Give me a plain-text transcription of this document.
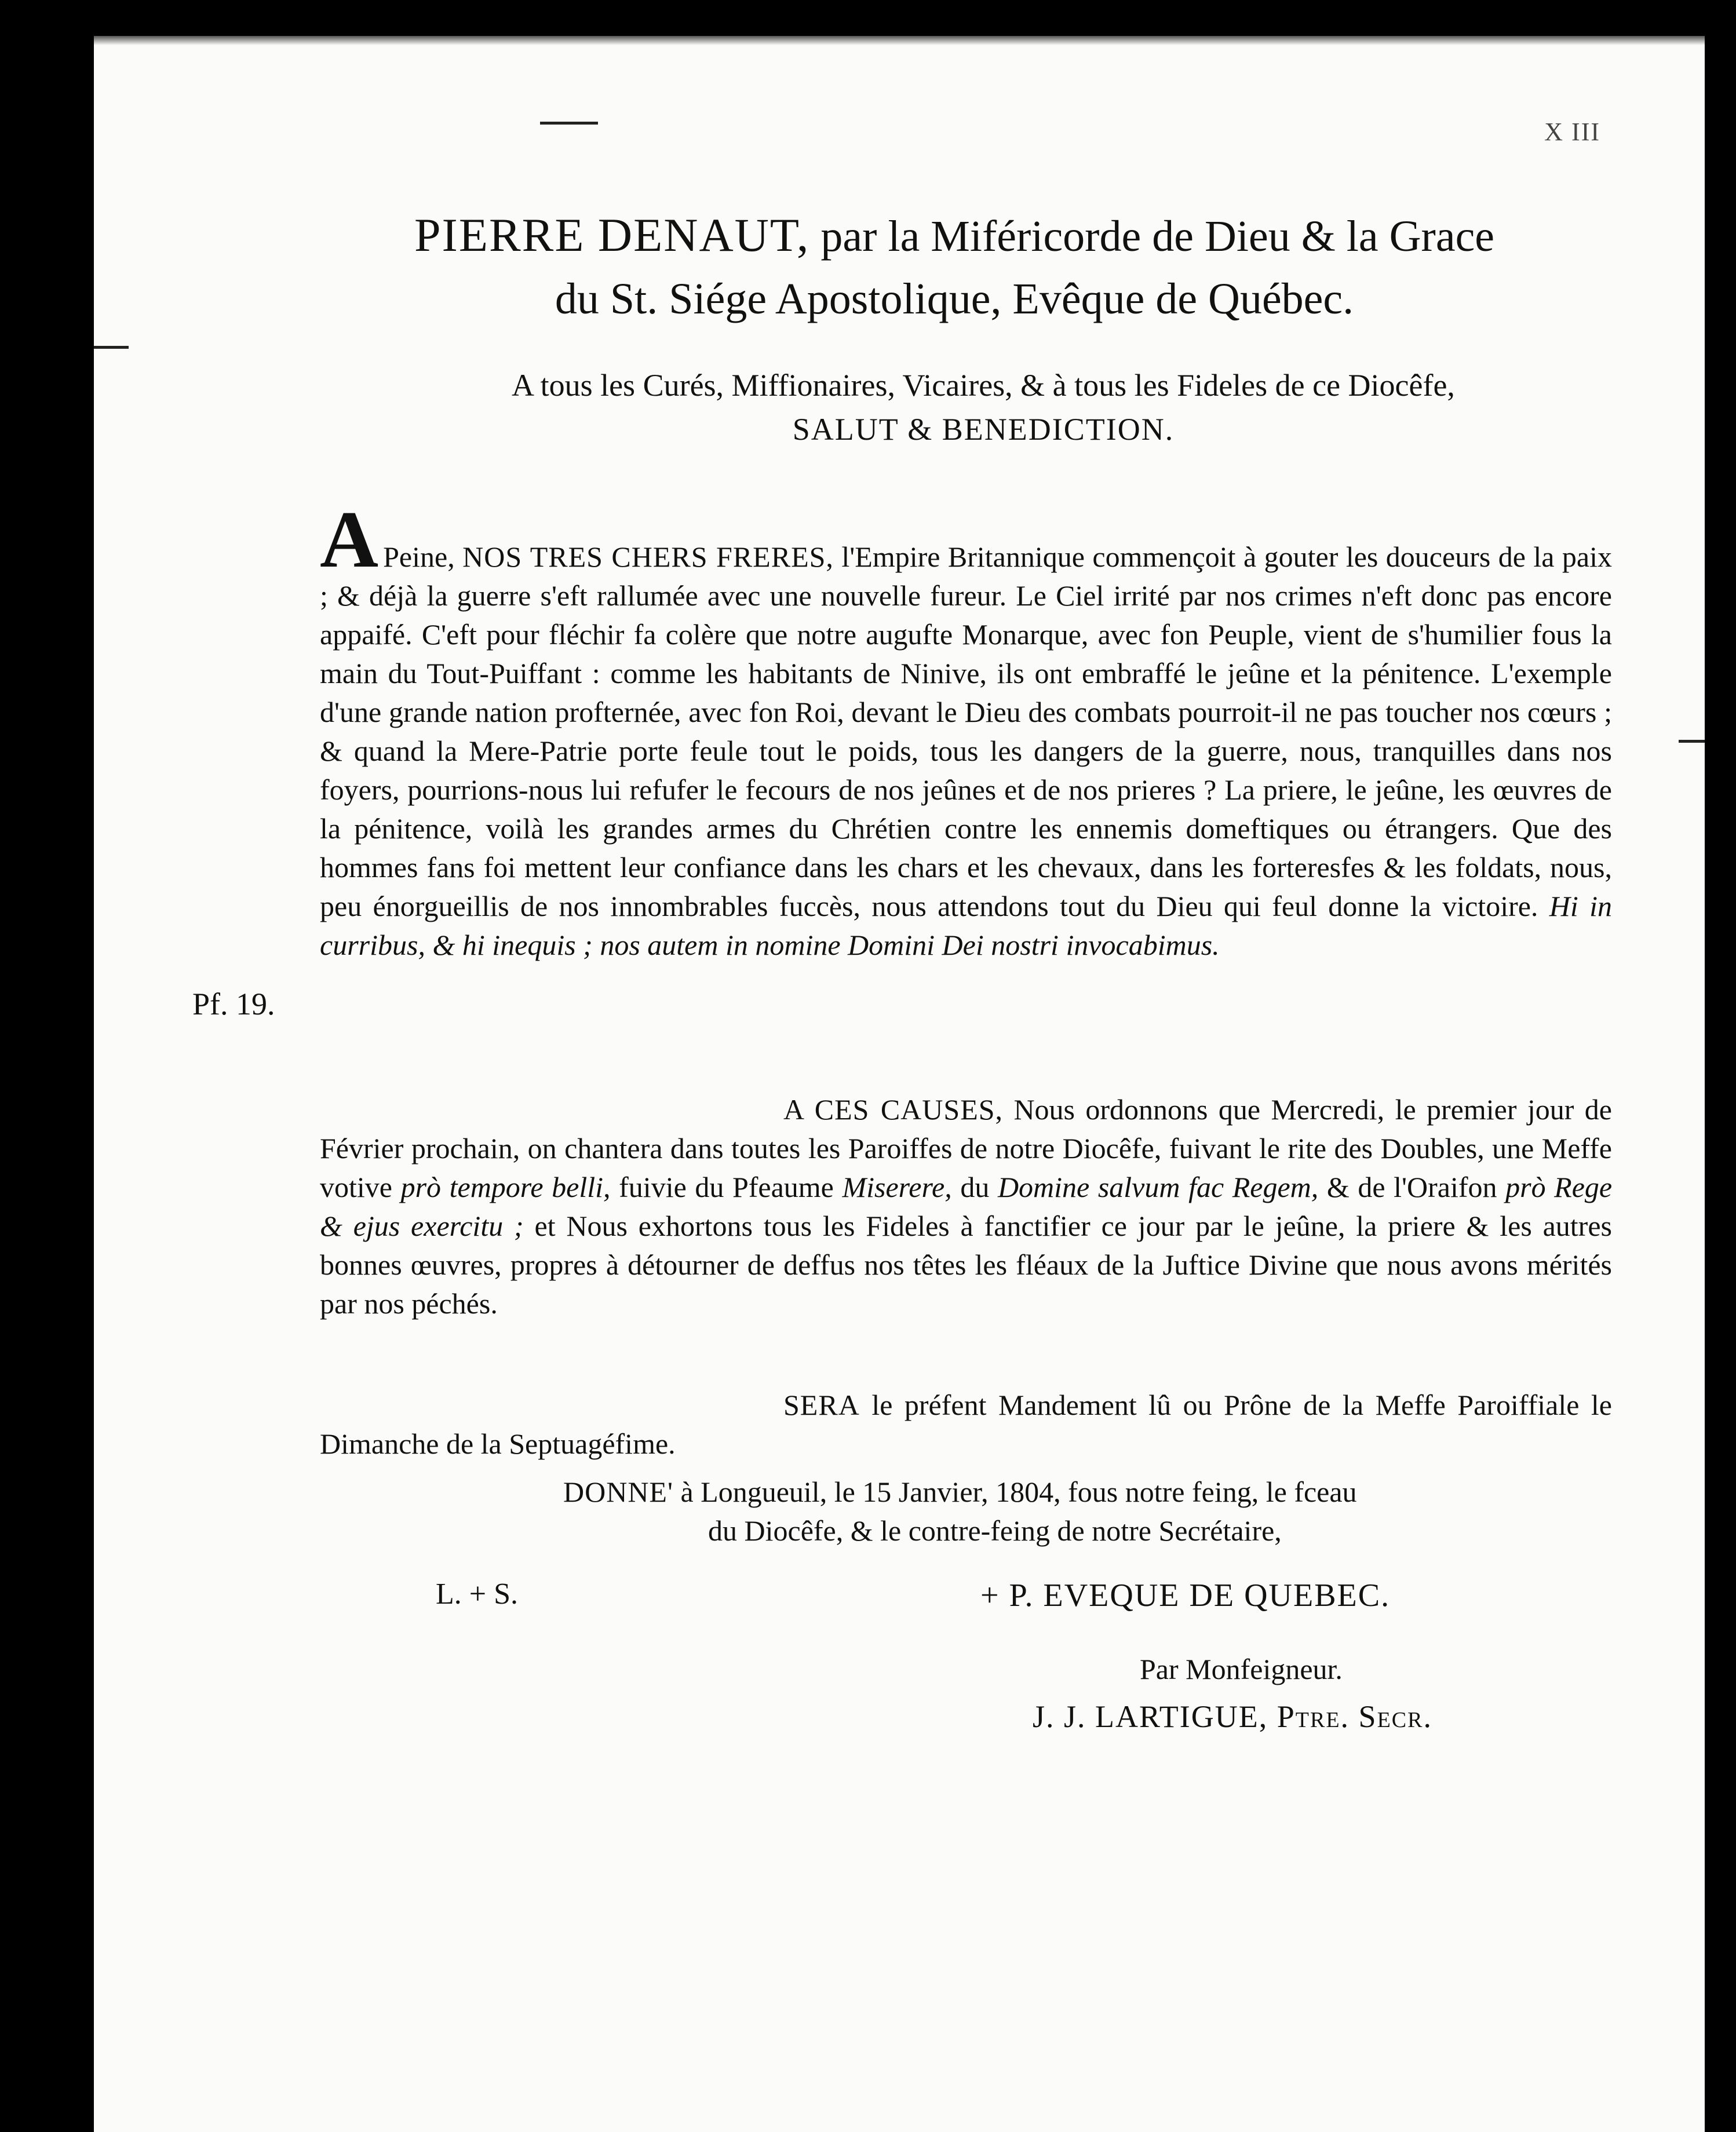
X III
PIERRE DENAUT, par la Miféricorde de Dieu & la Grace
du St. Siége Apostolique, Evêque de Québec.

A tous les Curés, Miffionaires, Vicaires, & à tous les Fideles de ce Diocêfe,
SALUT & BENEDICTION.

A Peine, NOS TRES CHERS FRERES, l'Empire Britannique commençoit à gouter les douceurs de la paix ; & déjà la guerre s'eft rallumée avec une nouvelle fureur. Le Ciel irrité par nos crimes n'eft donc pas encore appaifé. C'eft pour fléchir fa colère que notre augufte Monarque, avec fon Peuple, vient de s'humilier fous la main du Tout-Puiffant : comme les habitants de Ninive, ils ont embraffé le jeûne et la pénitence. L'exemple d'une grande nation profternée, avec fon Roi, devant le Dieu des combats pourroit-il ne pas toucher nos cœurs ; & quand la Mere-Patrie porte feule tout le poids, tous les dangers de la guerre, nous, tranquilles dans nos foyers, pourrions-nous lui refufer le fecours de nos jeûnes et de nos prieres ? La priere, le jeûne, les œuvres de la pénitence, voilà les grandes armes du Chrétien contre les ennemis domeftiques ou étrangers. Que des hommes fans foi mettent leur confiance dans les chars et les chevaux, dans les forteresfes & les foldats, nous, peu énorgueillis de nos innombrables fuccès, nous attendons tout du Dieu qui feul donne la victoire. Hi in curribus, & hi inequis ; nos autem in nomine Domini Dei nostri invocabimus.

Pf. 19.

A CES CAUSES, Nous ordonnons que Mercredi, le premier jour de Février prochain, on chantera dans toutes les Paroiffes de notre Diocêfe, fuivant le rite des Doubles, une Meffe votive prò tempore belli, fuivie du Pfeaume Miserere, du Domine salvum fac Regem, & de l'Oraifon prò Rege & ejus exercitu ; et Nous exhortons tous les Fideles à fanctifier ce jour par le jeûne, la priere & les autres bonnes œuvres, propres à détourner de deffus nos têtes les fléaux de la Juftice Divine que nous avons mérités par nos péchés.

SERA le préfent Mandement lû ou Prône de la Meffe Paroiffiale le Dimanche de la Septuagéfime.

DONNE' à Longueuil, le 15 Janvier, 1804, fous notre feing, le fceau
du Diocêfe, & le contre-feing de notre Secrétaire,

L. + S.	+ P. EVEQUE DE QUEBEC.
Par Monfeigneur.
J. J. LARTIGUE, Ptre. Secr.
